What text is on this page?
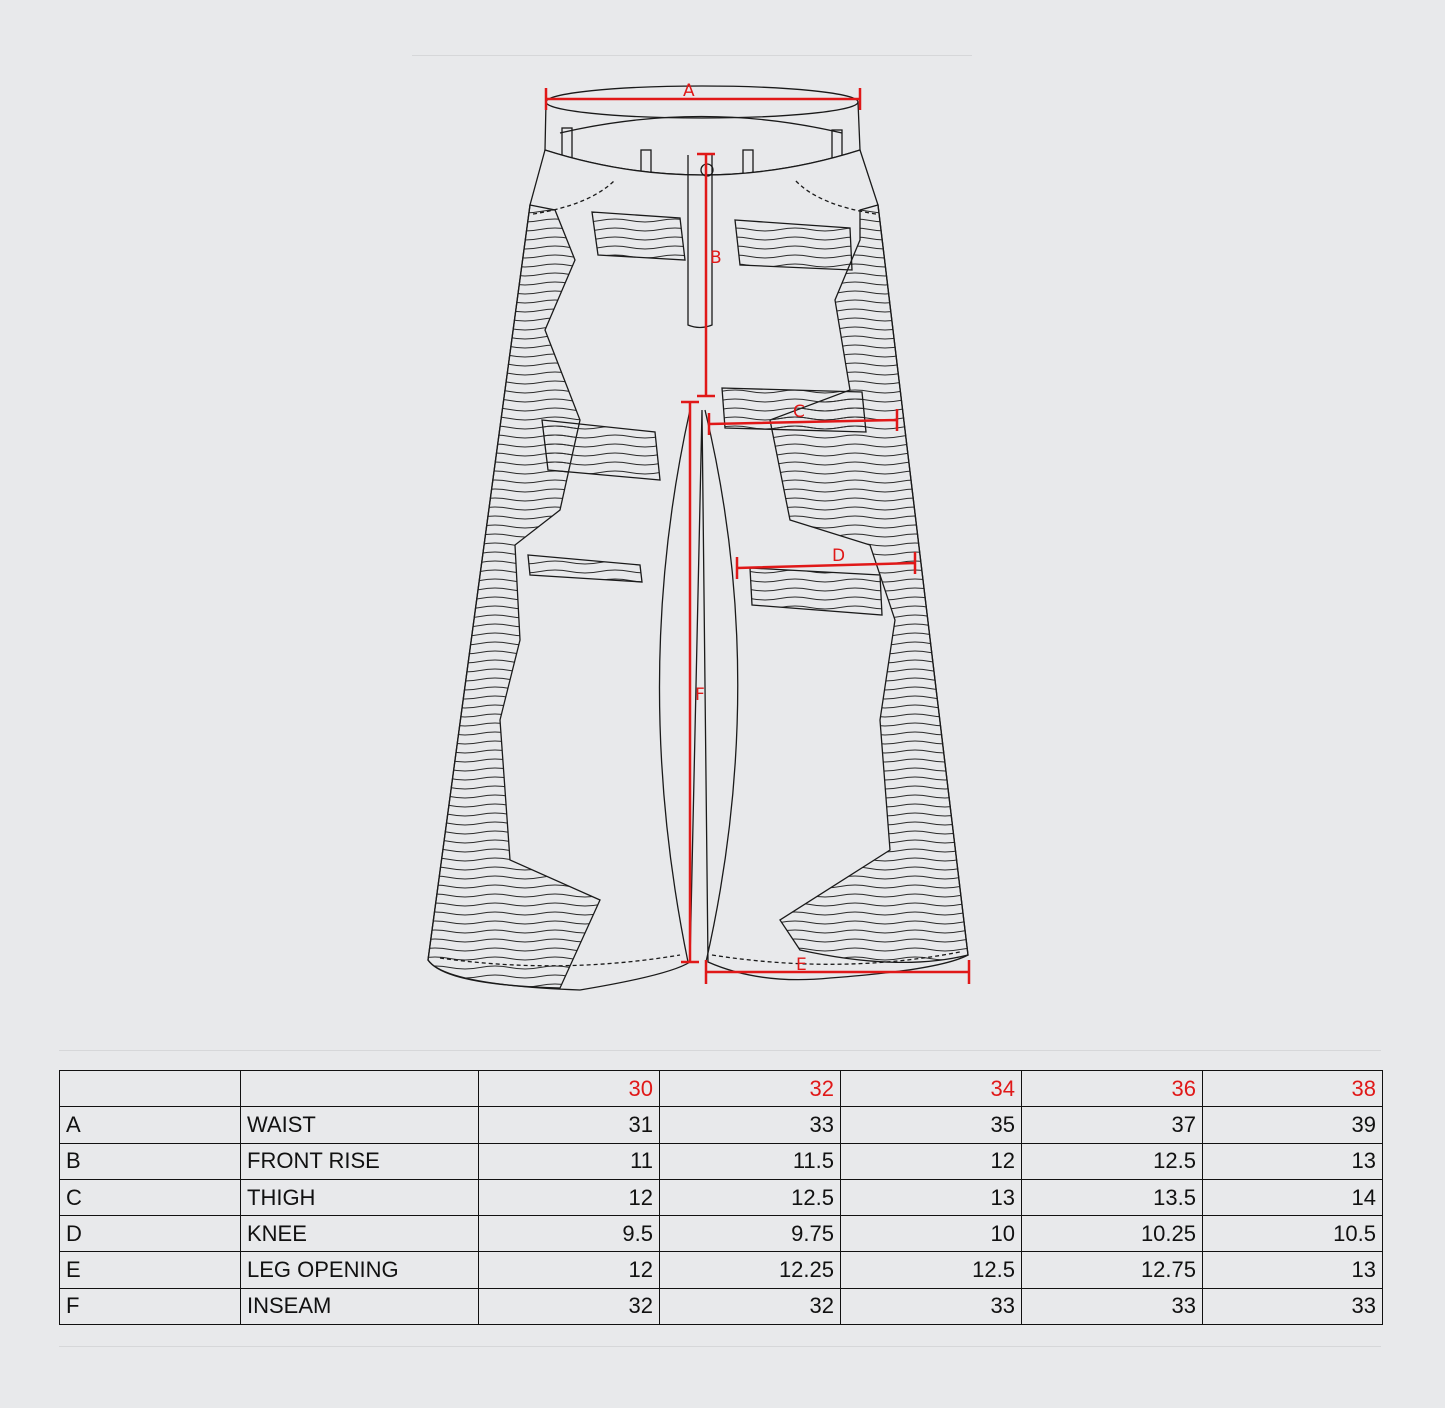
A
B
C
D
E
F
		30	32	34	36	38
A	WAIST	31	33	35	37	39
B	FRONT RISE	11	11.5	12	12.5	13
C	THIGH	12	12.5	13	13.5	14
D	KNEE	9.5	9.75	10	10.25	10.5
E	LEG OPENING	12	12.25	12.5	12.75	13
F	INSEAM	32	32	33	33	33
